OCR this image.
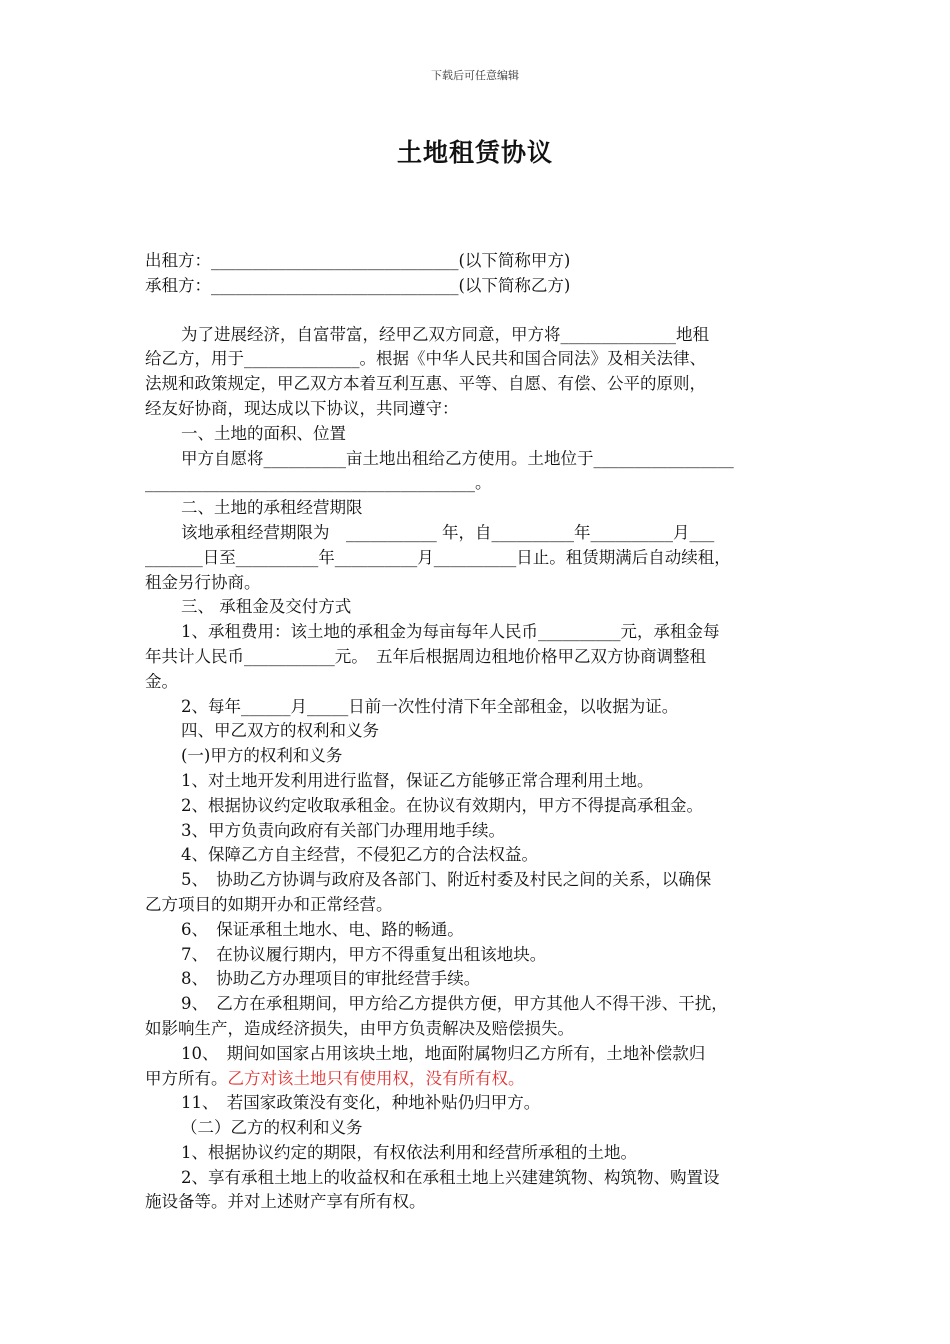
下载后可任意编辑
土地租赁协议
出租方：______________________________(以下简称甲方)
承租方：______________________________(以下简称乙方)
为了进展经济，自富带富，经甲乙双方同意，甲方将______________地租
给乙方，用于______________。根据《中华人民共和国合同法》及相关法律、
法规和政策规定，甲乙双方本着互利互惠、平等、自愿、有偿、公平的原则，
经友好协商，现达成以下协议，共同遵守：
一、土地的面积、位置
甲方自愿将__________亩土地出租给乙方使用。土地位于_________________
________________________________________。
二、土地的承租经营期限
该地承租经营期限为　___________ 年，自__________年__________月___
_______日至__________年__________月__________日止。租赁期满后自动续租，
租金另行协商。
三、 承租金及交付方式
1、承租费用：该土地的承租金为每亩每年人民币__________元，承租金每
年共计人民币___________元。　五年后根据周边租地价格甲乙双方协商调整租
金。
2、每年______月_____日前一次性付清下年全部租金，以收据为证。
四、甲乙双方的权利和义务
(一)甲方的权利和义务
1、对土地开发利用进行监督，保证乙方能够正常合理利用土地。
2、根据协议约定收取承租金。在协议有效期内，甲方不得提高承租金。
3、甲方负责向政府有关部门办理用地手续。
4、保障乙方自主经营，不侵犯乙方的合法权益。
5、　协助乙方协调与政府及各部门、附近村委及村民之间的关系，以确保
乙方项目的如期开办和正常经营。
6、　保证承租土地水、电、路的畅通。
7、　在协议履行期内，甲方不得重复出租该地块。
8、　协助乙方办理项目的审批经营手续。
9、　乙方在承租期间，甲方给乙方提供方便，甲方其他人不得干涉、干扰，
如影响生产，造成经济损失，由甲方负责解决及赔偿损失。
10、　期间如国家占用该块土地，地面附属物归乙方所有，土地补偿款归
甲方所有。乙方对该土地只有使用权，没有所有权。
11、　若国家政策没有变化，种地补贴仍归甲方。
（二）乙方的权利和义务
1、根据协议约定的期限，有权依法利用和经营所承租的土地。
2、享有承租土地上的收益权和在承租土地上兴建建筑物、构筑物、购置设
施设备等。并对上述财产享有所有权。
